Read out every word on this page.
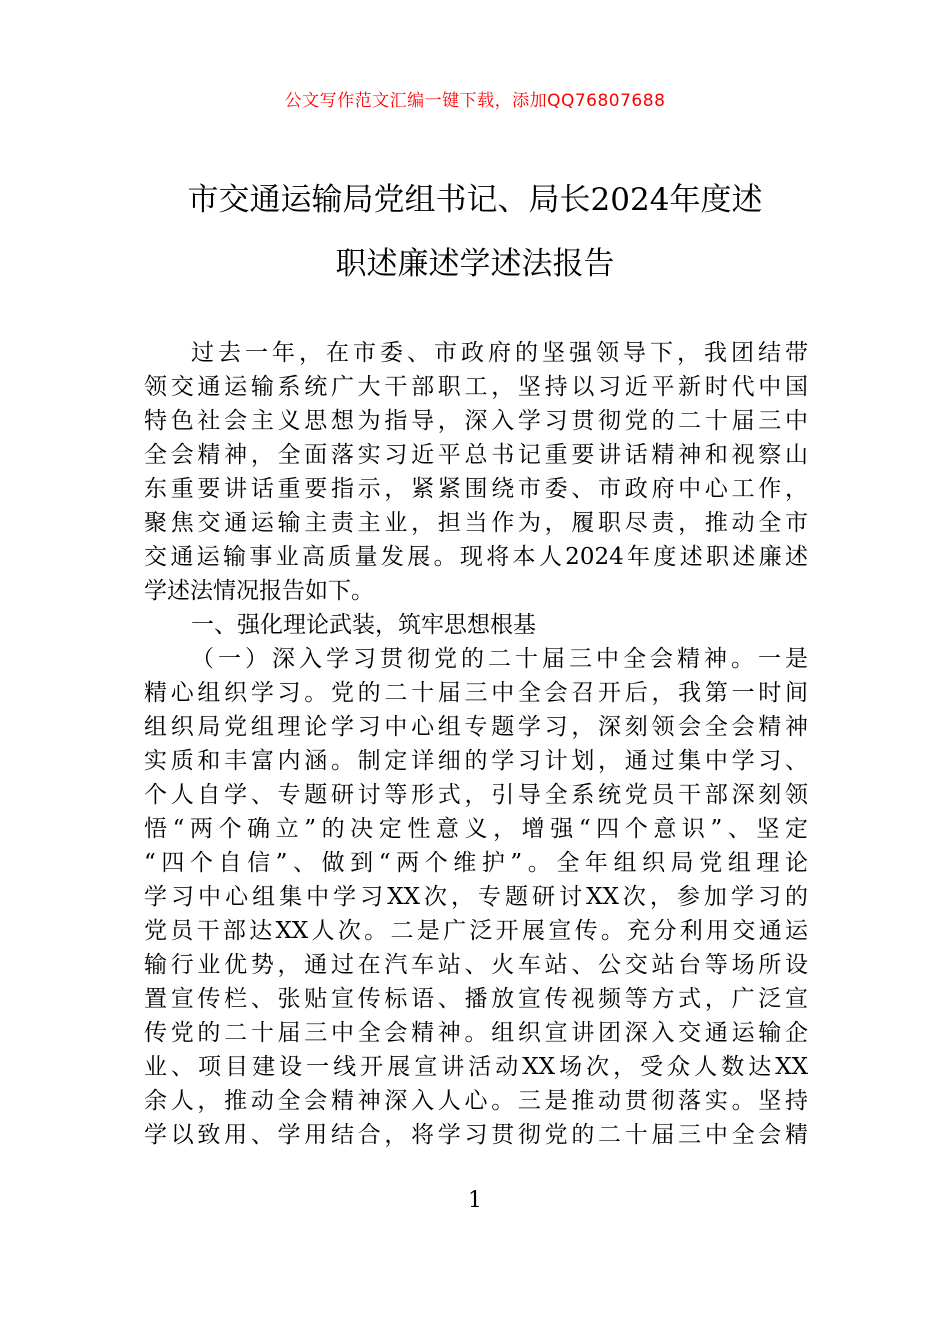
公文写作范文汇编一键下载，添加QQ76807688
市交通运输局党组书记、局长2024年度述
职述廉述学述法报告
过去一年，在市委、市政府的坚强领导下，我团结带
领交通运输系统广大干部职工，坚持以习近平新时代中国
特色社会主义思想为指导，深入学习贯彻党的二十届三中
全会精神，全面落实习近平总书记重要讲话精神和视察山
东重要讲话重要指示，紧紧围绕市委、市政府中心工作，
聚焦交通运输主责主业，担当作为，履职尽责，推动全市
交通运输事业高质量发展。现将本人2024年度述职述廉述
学述法情况报告如下。
一、强化理论武装，筑牢思想根基
（一）深入学习贯彻党的二十届三中全会精神。一是
精心组织学习。党的二十届三中全会召开后，我第一时间
组织局党组理论学习中心组专题学习，深刻领会全会精神
实质和丰富内涵。制定详细的学习计划，通过集中学习、
个人自学、专题研讨等形式，引导全系统党员干部深刻领
悟“两个确立”的决定性意义，增强“四个意识”、坚定
“四个自信”、做到“两个维护”。全年组织局党组理论
学习中心组集中学习XX次，专题研讨XX次，参加学习的
党员干部达XX人次。二是广泛开展宣传。充分利用交通运
输行业优势，通过在汽车站、火车站、公交站台等场所设
置宣传栏、张贴宣传标语、播放宣传视频等方式，广泛宣
传党的二十届三中全会精神。组织宣讲团深入交通运输企
业、项目建设一线开展宣讲活动XX场次，受众人数达XX
余人，推动全会精神深入人心。三是推动贯彻落实。坚持
学以致用、学用结合，将学习贯彻党的二十届三中全会精
1
